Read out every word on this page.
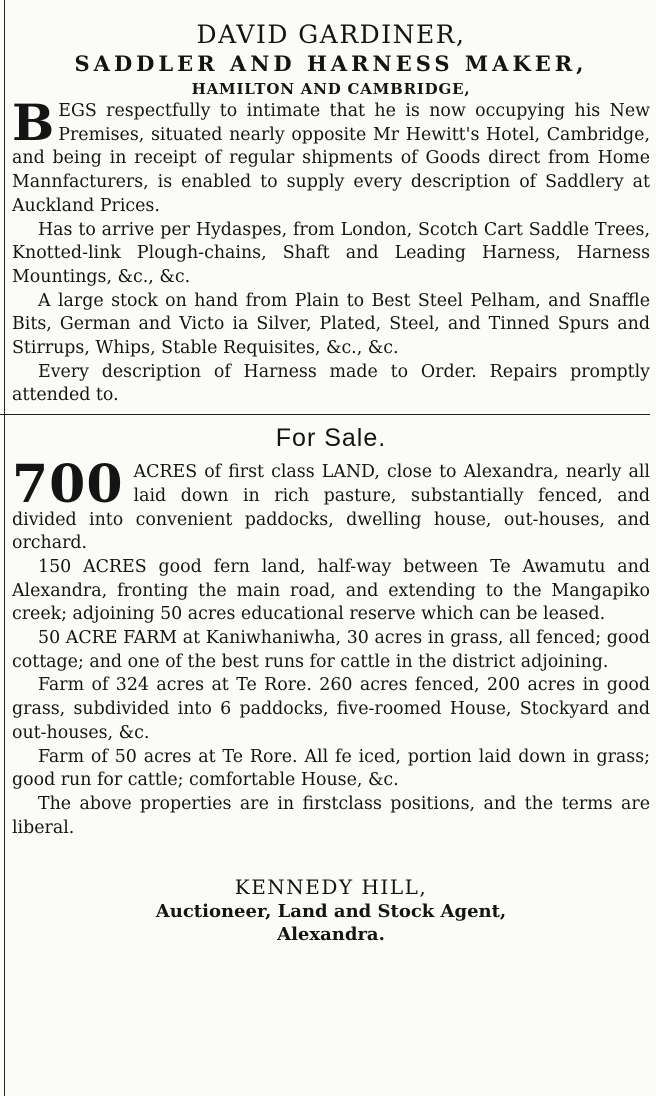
DAVID GARDINER,
SADDLER AND HARNESS MAKER,
HAMILTON AND CAMBRIDGE,
BEGS respectfully to intimate that he is now occupying his New Premises, situated nearly opposite Mr Hewitt's Hotel, Cambridge, and being in receipt of regular shipments of Goods direct from Home Mannfacturers, is enabled to supply every description of Saddlery at Auckland Prices.
Has to arrive per Hydaspes, from London, Scotch Cart Saddle Trees, Knotted-link Plough-chains, Shaft and Leading Harness, Harness Mountings, &c., &c.
A large stock on hand from Plain to Best Steel Pelham, and Snaffle Bits, German and Victo ia Silver, Plated, Steel, and Tinned Spurs and Stirrups, Whips, Stable Requisites, &c., &c.
Every description of Harness made to Order. Repairs promptly attended to.
For Sale.
700 ACRES of first class LAND, close to Alexandra, nearly all laid down in rich pasture, substantially fenced, and divided into convenient paddocks, dwelling house, out-houses, and orchard.
150 ACRES good fern land, half-way between Te Awamutu and Alexandra, fronting the main road, and extending to the Mangapiko creek; adjoining 50 acres educational reserve which can be leased.
50 ACRE FARM at Kaniwhaniwha, 30 acres in grass, all fenced; good cottage; and one of the best runs for cattle in the district adjoining.
Farm of 324 acres at Te Rore. 260 acres fenced, 200 acres in good grass, subdivided into 6 paddocks, five-roomed House, Stockyard and out-houses, &c.
Farm of 50 acres at Te Rore. All fe iced, portion laid down in grass; good run for cattle; comfortable House, &c.
The above properties are in firstclass positions, and the terms are liberal.
KENNEDY HILL,
Auctioneer, Land and Stock Agent,
Alexandra.
